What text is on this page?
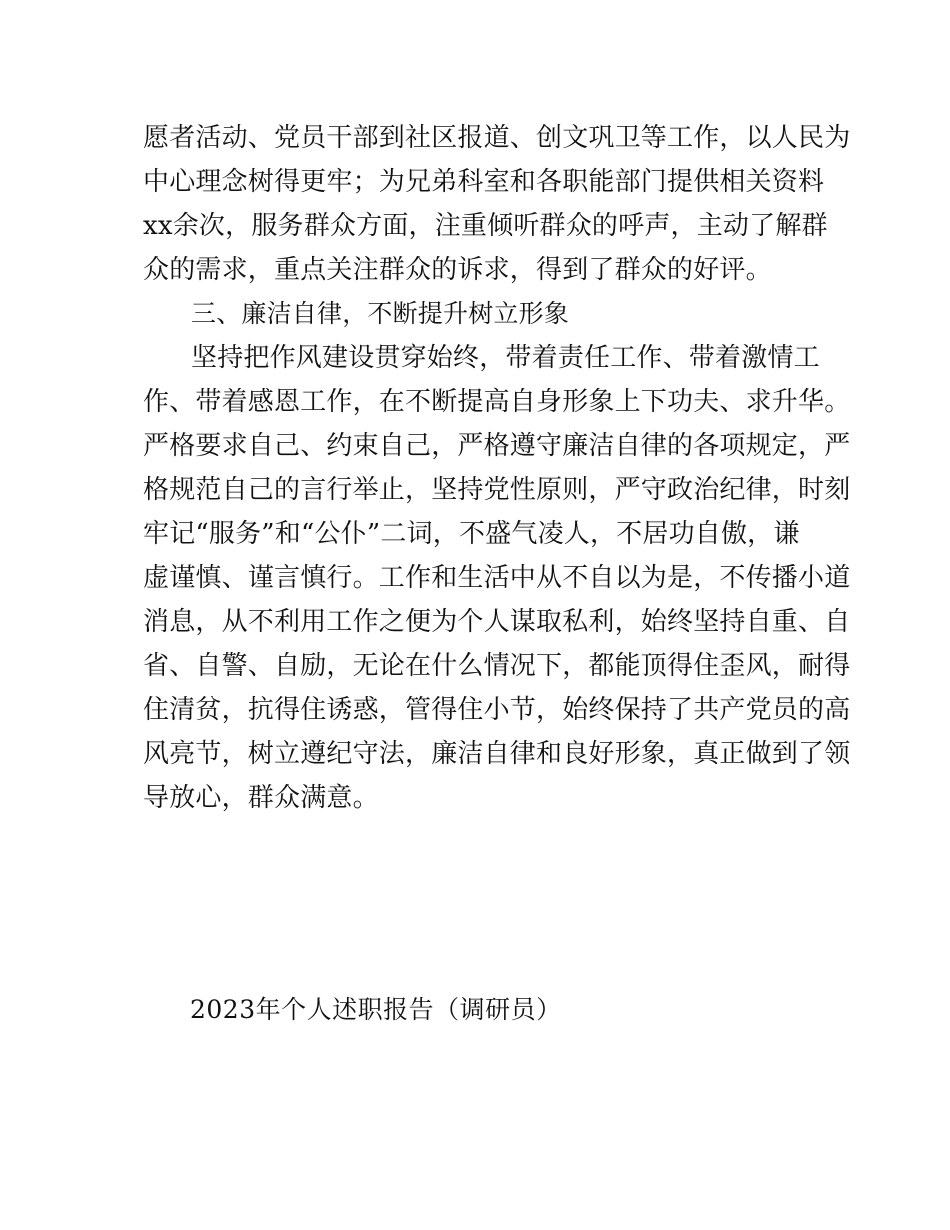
愿者活动、党员干部到社区报道、创文巩卫等工作，以人民为
中心理念树得更牢；为兄弟科室和各职能部门提供相关资料
xx余次，服务群众方面，注重倾听群众的呼声，主动了解群
众的需求，重点关注群众的诉求，得到了群众的好评。
三、廉洁自律，不断提升树立形象
坚持把作风建设贯穿始终，带着责任工作、带着激情工
作、带着感恩工作，在不断提高自身形象上下功夫、求升华。
严格要求自己、约束自己，严格遵守廉洁自律的各项规定，严
格规范自己的言行举止，坚持党性原则，严守政治纪律，时刻
牢记“服务”和“公仆”二词，不盛气凌人，不居功自傲，谦
虚谨慎、谨言慎行。工作和生活中从不自以为是，不传播小道
消息，从不利用工作之便为个人谋取私利，始终坚持自重、自
省、自警、自励，无论在什么情况下，都能顶得住歪风，耐得
住清贫，抗得住诱惑，管得住小节，始终保持了共产党员的高
风亮节，树立遵纪守法，廉洁自律和良好形象，真正做到了领
导放心，群众满意。
2023年个人述职报告（调研员）
